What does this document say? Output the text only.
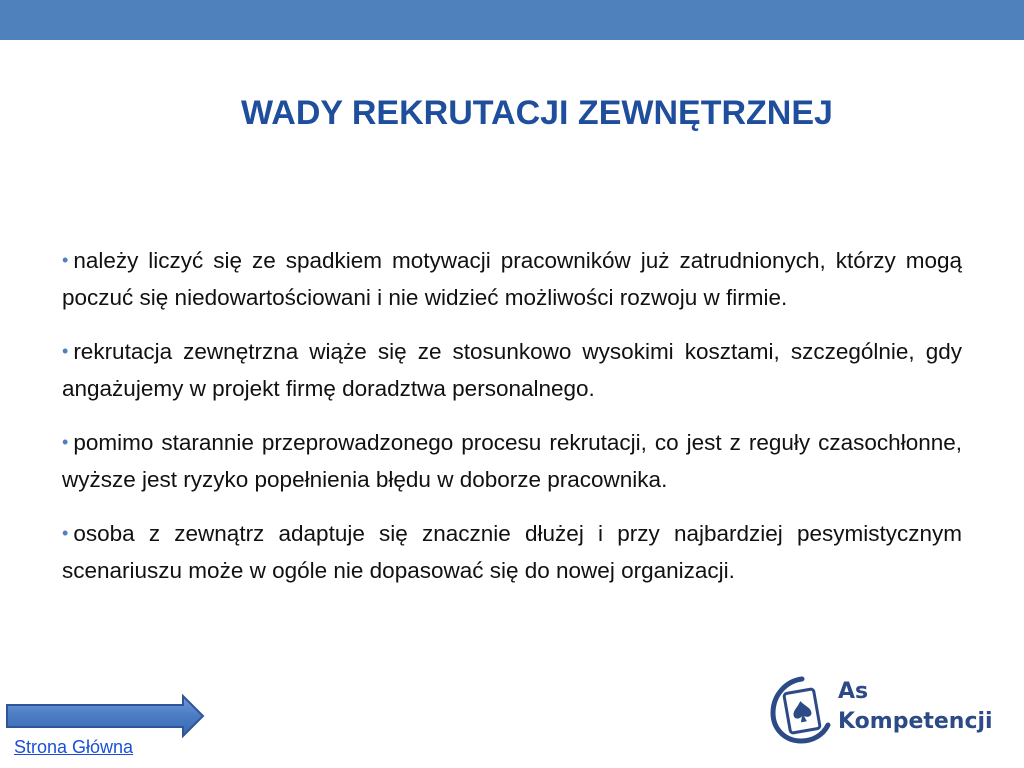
WADY REKRUTACJI ZEWNĘTRZNEJ

• należy liczyć się ze spadkiem motywacji pracowników już zatrudnionych, którzy mogą poczuć się niedowartościowani i nie widzieć możliwości rozwoju w firmie.

• rekrutacja zewnętrzna wiąże się ze stosunkowo wysokimi kosztami, szczególnie, gdy angażujemy w projekt firmę doradztwa personalnego.

• pomimo starannie przeprowadzonego procesu rekrutacji, co jest z reguły czasochłonne, wyższe jest ryzyko popełnienia błędu w doborze pracownika.

• osoba z zewnątrz adaptuje się znacznie dłużej i przy najbardziej pesymistycznym scenariuszu może w ogóle nie dopasować się do nowej organizacji.

Strona Główna
As
Kompetencji
